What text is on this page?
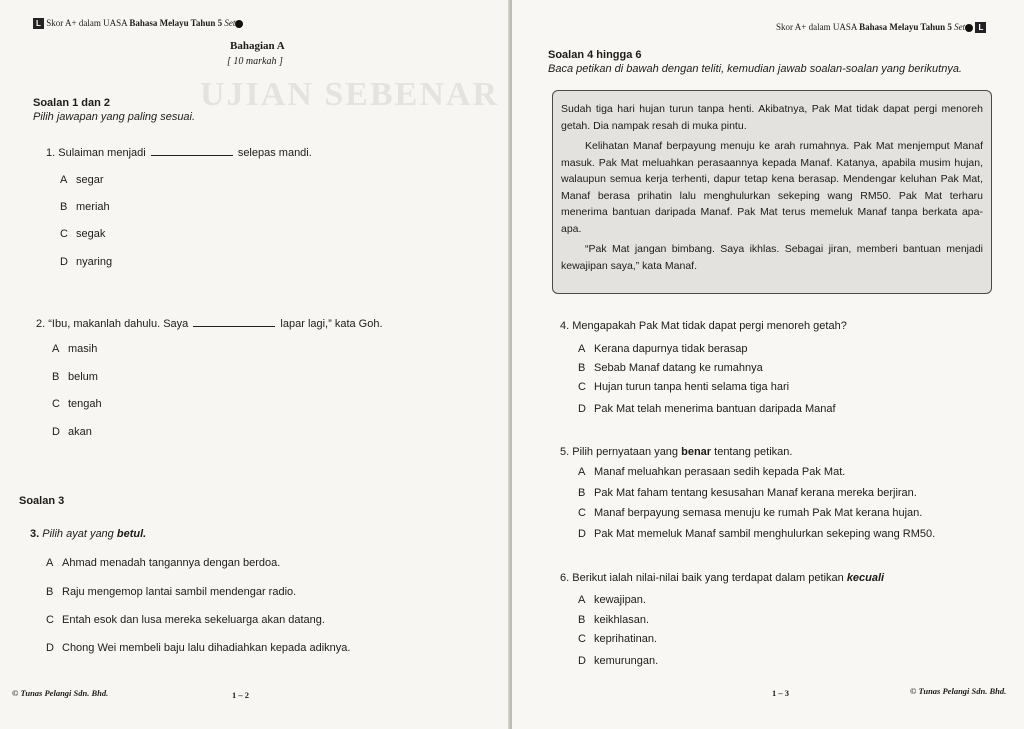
UJIAN SEBENAR
L Skor A+ dalam UASA Bahasa Melayu Tahun 5 Set
Bahagian A
[ 10 markah ]
Soalan 1 dan 2
Pilih jawapan yang paling sesuai.
1. Sulaiman menjadi	selepas mandi.
A segar
B meriah
C segak
D nyaring
2. “Ibu, makanlah dahulu. Saya	lapar lagi,” kata Goh.
A masih
B belum
C tengah
D akan
Soalan 3
3. Pilih ayat yang betul.
A Ahmad menadah tangannya dengan berdoa.
B Raju mengemop lantai sambil mendengar radio.
C Entah esok dan lusa mereka sekeluarga akan datang.
D Chong Wei membeli baju lalu dihadiahkan kepada adiknya.
© Tunas Pelangi Sdn. Bhd.	1 – 2
Skor A+ dalam UASA Bahasa Melayu Tahun 5 Set L
Soalan 4 hingga 6
Baca petikan di bawah dengan teliti, kemudian jawab soalan-soalan yang berikutnya.

Sudah tiga hari hujan turun tanpa henti. Akibatnya, Pak Mat tidak dapat pergi menoreh getah. Dia nampak resah di muka pintu.

Kelihatan Manaf berpayung menuju ke arah rumahnya. Pak Mat menjemput Manaf masuk. Pak Mat meluahkan perasaannya kepada Manaf. Katanya, apabila musim hujan, walaupun semua kerja terhenti, dapur tetap kena berasap. Mendengar keluhan Pak Mat, Manaf berasa prihatin lalu menghulurkan sekeping wang RM50. Pak Mat terharu menerima bantuan daripada Manaf. Pak Mat terus memeluk Manaf tanpa berkata apa-apa.

“Pak Mat jangan bimbang. Saya ikhlas. Sebagai jiran, memberi bantuan menjadi kewajipan saya,” kata Manaf.

4. Mengapakah Pak Mat tidak dapat pergi menoreh getah?
A Kerana dapurnya tidak berasap
B Sebab Manaf datang ke rumahnya
C Hujan turun tanpa henti selama tiga hari
D Pak Mat telah menerima bantuan daripada Manaf
5. Pilih pernyataan yang benar tentang petikan.
A Manaf meluahkan perasaan sedih kepada Pak Mat.
B Pak Mat faham tentang kesusahan Manaf kerana mereka berjiran.
C Manaf berpayung semasa menuju ke rumah Pak Mat kerana hujan.
D Pak Mat memeluk Manaf sambil menghulurkan sekeping wang RM50.
6. Berikut ialah nilai-nilai baik yang terdapat dalam petikan kecuali
A kewajipan.
B keikhlasan.
C keprihatinan.
D kemurungan.
1 – 3	© Tunas Pelangi Sdn. Bhd.
